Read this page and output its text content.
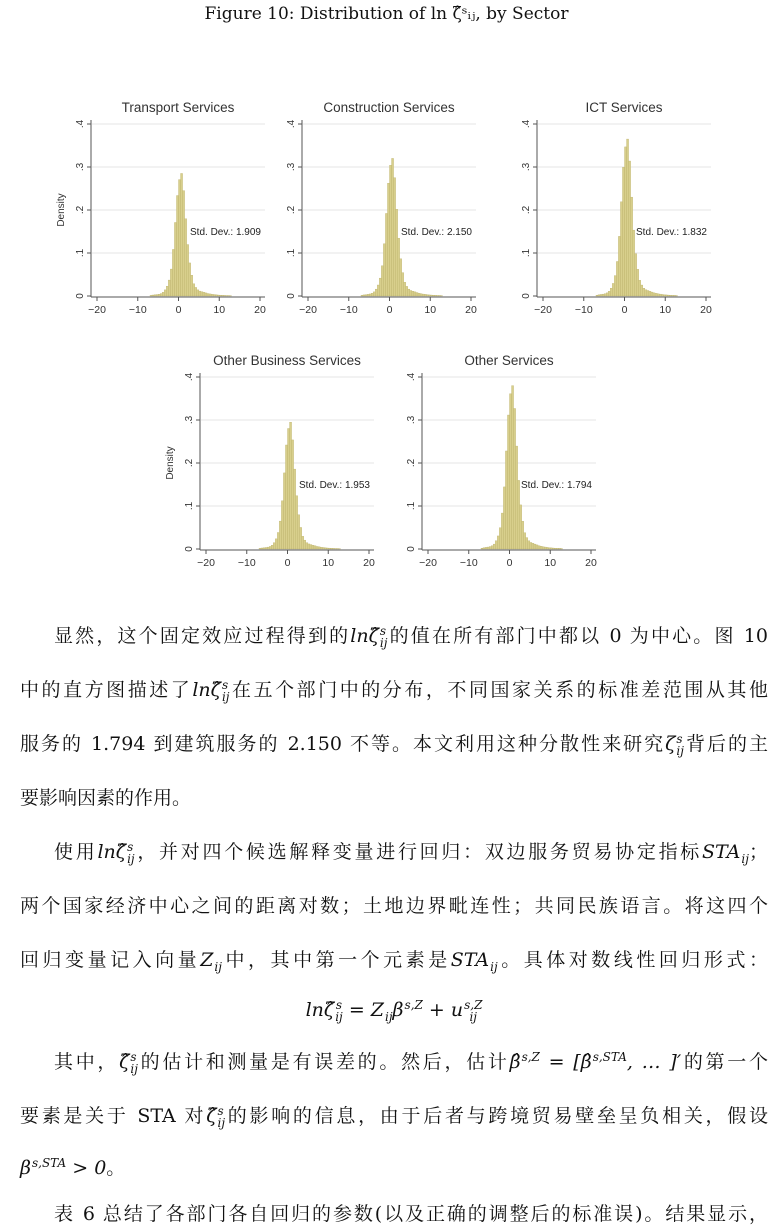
Figure 10: Distribution of ln ζ̂ˢᵢⱼ, by Sector
Transport Services
0
.1
.2
.3
.4
−20 −10	0	10	20
Density
Std. Dev.: 1.909
Construction Services
0
.1
.2
.3
.4
−20 −10	0	10	20
Std. Dev.: 2.150
ICT Services
0
.1
.2
.3
.4
−20 −10	0	10	20
Std. Dev.: 1.832
Other Business Services
0
.1
.2
.3
.4
−20 −10	0	10	20
Density
Std. Dev.: 1.953
Other Services
0
.1
.2
.3
.4
−20 −10	0	10	20
Std. Dev.: 1.794
显然，这个固定效应过程得到的lnζ̂ s
ij 的值在所有部门中都以 0 为中心。图 10
中的直方图描述了lnζ̂ s
ij 在五个部门中的分布，不同国家关系的标准差范围从其他
服务的 1.794 到建筑服务的 2.150 不等。本文利用这种分散性来研究ζ s
ij 背后的主
要影响因素的作用。
使用lnζ̂ s
ij ，并对四个候选解释变量进行回归：双边服务贸易协定指标STA
ij ；
两个国家经济中心之间的距离对数；土地边界毗连性；共同民族语言。将这四个
回归变量记入向量Z
ij 中，其中第一个元素是STA
ij 。具体对数线性回归形式：
lnζ̂ s
ij = Z
ij β s,Z
+ u s,Z
ij
其中，ζ̂ s
ij 的估计和测量是有误差的。然后，估计β̂ s,Z
= [β̂ s,STA
, … ]′的第一个
要素是关于 STA 对ζ̂ s
ij 的影响的信息，由于后者与跨境贸易壁垒呈负相关，假设
β s,STA
> 0。
表 6 总结了各部门各自回归的参数(以及正确的调整后的标准误)。结果显示，
